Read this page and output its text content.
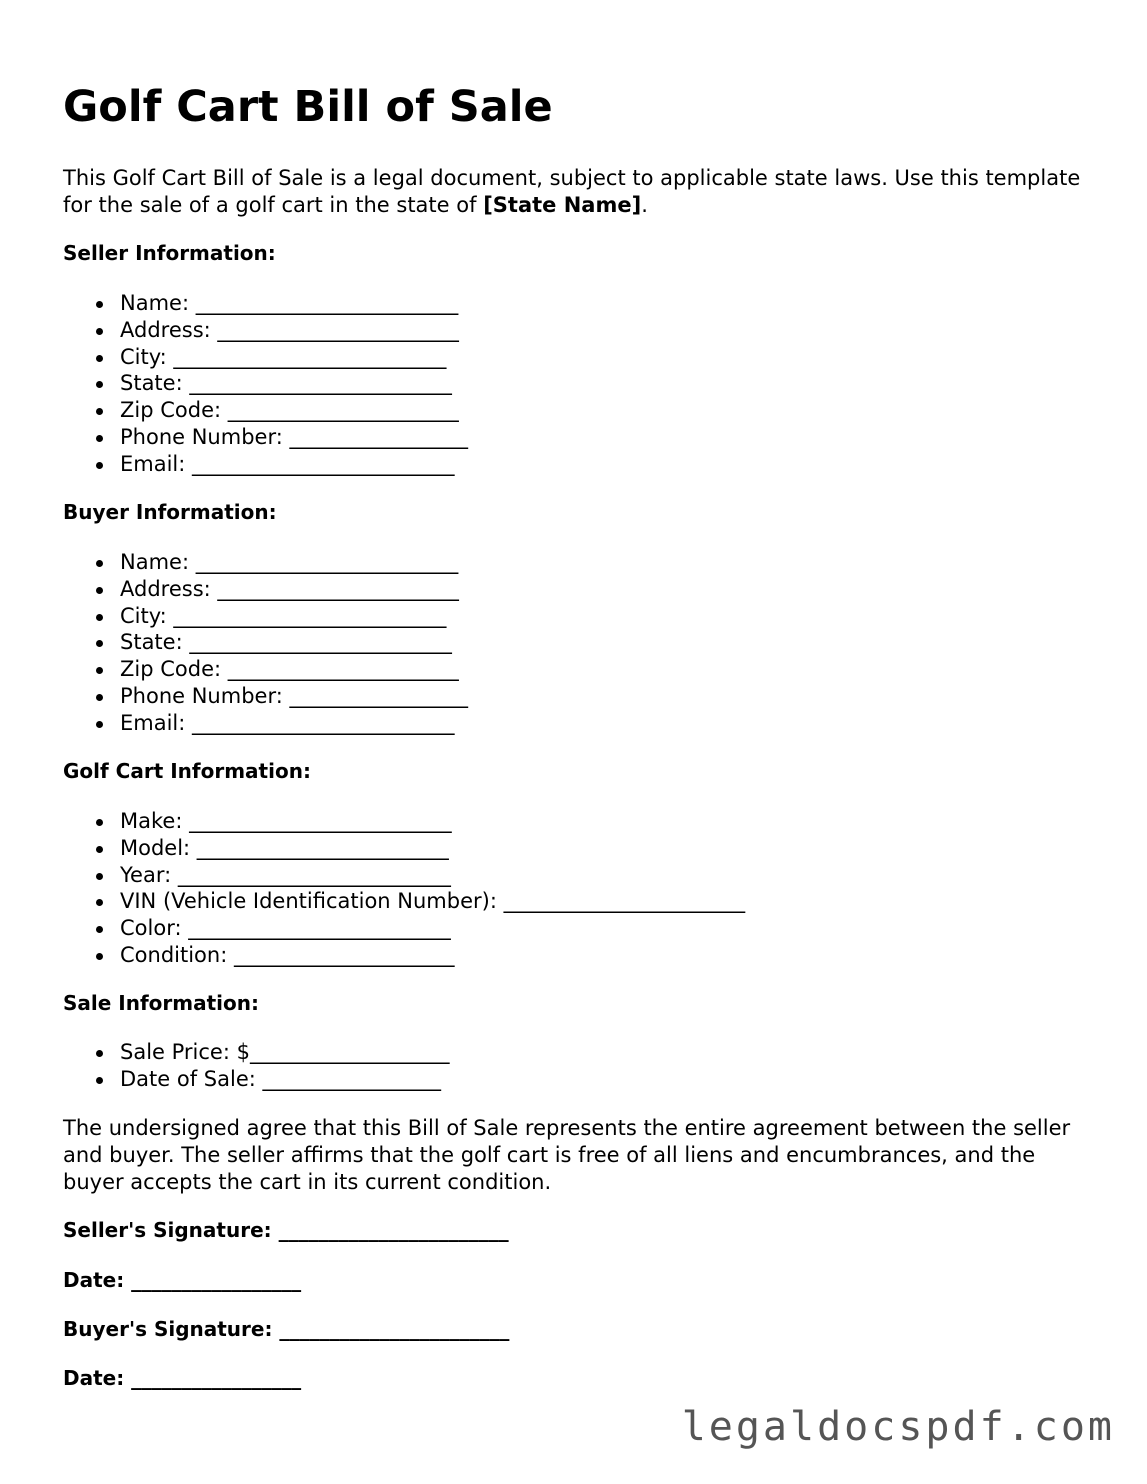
Golf Cart Bill of Sale

This Golf Cart Bill of Sale is a legal document, subject to applicable state laws. Use this template for the sale of a golf cart in the state of [State Name].

Seller Information:
Name: _________________________
Address: _______________________
City: __________________________
State: _________________________
Zip Code: ______________________
Phone Number: _________________
Email: _________________________
Buyer Information:
Name: _________________________
Address: _______________________
City: __________________________
State: _________________________
Zip Code: ______________________
Phone Number: _________________
Email: _________________________
Golf Cart Information:
Make: _________________________
Model: ________________________
Year: __________________________
VIN (Vehicle Identification Number): _______________________
Color: _________________________
Condition: _____________________
Sale Information:
Sale Price: $___________________
Date of Sale: _________________

The undersigned agree that this Bill of Sale represents the entire agreement between the seller and buyer. The seller affirms that the golf cart is free of all liens and encumbrances, and the buyer accepts the cart in its current condition.

Seller's Signature: _______________________

Date: _________________

Buyer's Signature: _______________________

Date: _________________

legaldocspdf.com
